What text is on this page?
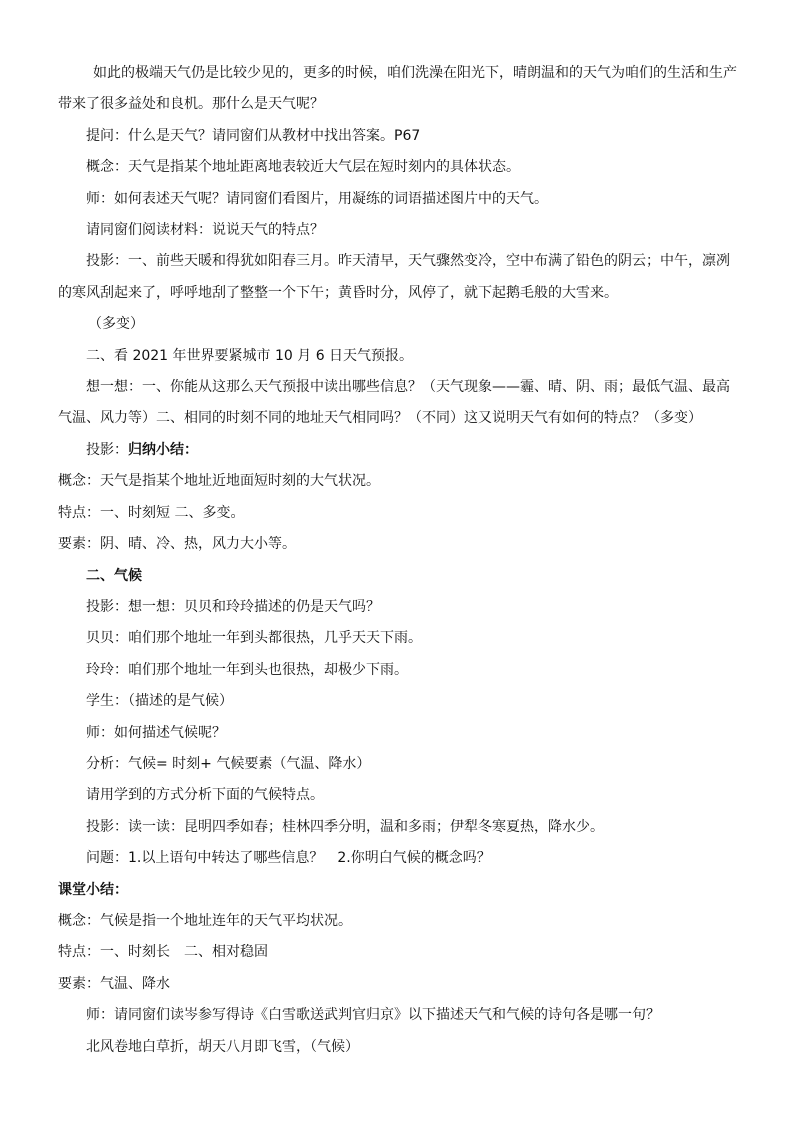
如此的极端天气仍是比较少见的，更多的时候，咱们洗澡在阳光下，晴朗温和的天气为咱们的生活和生产带来了很多益处和良机。那什么是天气呢？

提问：什么是天气？请同窗们从教材中找出答案。P67

概念：天气是指某个地址距离地表较近大气层在短时刻内的具体状态。

师：如何表述天气呢？请同窗们看图片，用凝练的词语描述图片中的天气。

请同窗们阅读材料：说说天气的特点？

投影：一、前些天暖和得犹如阳春三月。昨天清早，天气骤然变冷，空中布满了铅色的阴云；中午，凛冽的寒风刮起来了，呼呼地刮了整整一个下午；黄昏时分，风停了，就下起鹅毛般的大雪来。

（多变）

二、看 2021 年世界要紧城市 10 月 6 日天气预报。

想一想：一、你能从这那么天气预报中读出哪些信息？（天气现象——霾、晴、阴、雨；最低气温、最高气温、风力等）二、相同的时刻不同的地址天气相同吗？（不同）这又说明天气有如何的特点？（多变）

投影：归纳小结：

概念：天气是指某个地址近地面短时刻的大气状况。

特点：一、时刻短 二、多变。

要素：阴、晴、冷、热，风力大小等。

二、气候

投影：想一想：贝贝和玲玲描述的仍是天气吗？

贝贝：咱们那个地址一年到头都很热，几乎天天下雨。

玲玲：咱们那个地址一年到头也很热，却极少下雨。

学生：（描述的是气候）

师：如何描述气候呢？

分析：气候= 时刻+ 气候要素（气温、降水）

请用学到的方式分析下面的气候特点。

投影：读一读：昆明四季如春；桂林四季分明，温和多雨；伊犁冬寒夏热，降水少。

问题：1.以上语句中转达了哪些信息？ 2.你明白气候的概念吗？

课堂小结：

概念：气候是指一个地址连年的天气平均状况。

特点：一、时刻长 二、相对稳固

要素：气温、降水

师：请同窗们读岑参写得诗《白雪歌送武判官归京》以下描述天气和气候的诗句各是哪一句？

北风卷地白草折，胡天八月即飞雪，（气候）
